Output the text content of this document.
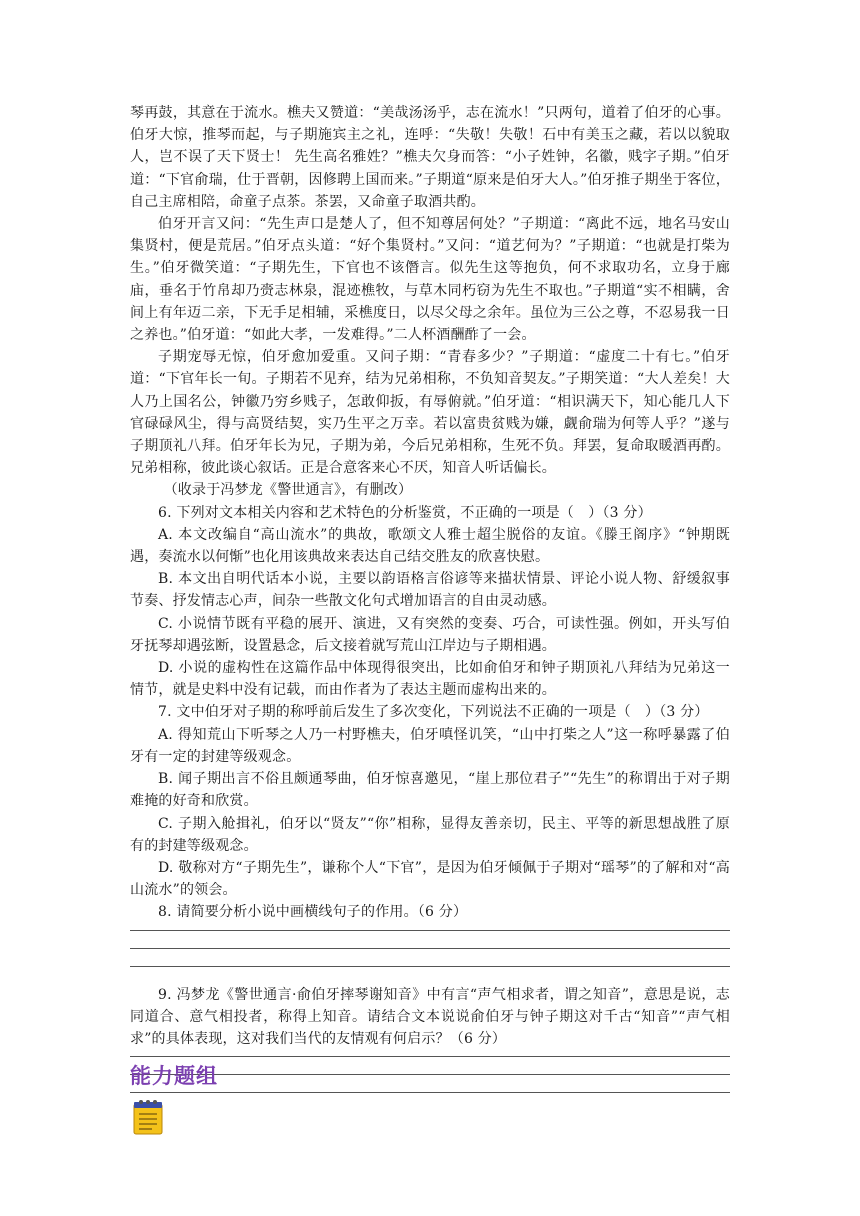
琴再鼓，其意在于流水。樵夫又赞道：“美哉汤汤乎，志在流水！”只两句，道着了伯牙的心事。伯牙大惊，推琴而起，与子期施宾主之礼，连呼：“失敬！失敬！石中有美玉之藏，若以以貌取人，岂不误了天下贤士！ 先生高名雅姓？”樵夫欠身而答：“小子姓钟，名徽，贱字子期。”伯牙道：“下官俞瑞，仕于晋朝，因修聘上国而来。”子期道“原来是伯牙大人。”伯牙推子期坐于客位，自己主席相陪，命童子点茶。茶罢，又命童子取酒共酌。

伯牙开言又问：“先生声口是楚人了，但不知尊居何处？”子期道：“离此不远，地名马安山集贤村，便是荒居。”伯牙点头道：“好个集贤村。”又问：“道艺何为？”子期道：“也就是打柴为生。”伯牙微笑道：“子期先生，下官也不该僭言。似先生这等抱负，何不求取功名，立身于廊庙，垂名于竹帛却乃赍志林泉，混迹樵牧，与草木同朽窃为先生不取也。”子期道“实不相瞒，舍间上有年迈二亲，下无手足相辅，采樵度日，以尽父母之余年。虽位为三公之尊，不忍易我一日之养也。”伯牙道：“如此大孝，一发难得。”二人杯酒酬酢了一会。

子期宠辱无惊，伯牙愈加爱重。又问子期：“青春多少？”子期道：“虚度二十有七。”伯牙道：“下官年长一旬。子期若不见弃，结为兄弟相称，不负知音契友。”子期笑道：“大人差矣！大人乃上国名公，钟徽乃穷乡贱子，怎敢仰扳，有辱俯就。”伯牙道：“相识满天下，知心能几人下官碌碌风尘，得与高贤结契，实乃生平之万幸。若以富贵贫贱为嫌，觑俞瑞为何等人乎？”遂与子期顶礼八拜。伯牙年长为兄，子期为弟，今后兄弟相称，生死不负。拜罢，复命取暖酒再酌。兄弟相称，彼此谈心叙话。正是合意客来心不厌，知音人听话偏长。

（收录于冯梦龙《警世通言》，有删改）

6. 下列对文本相关内容和艺术特色的分析鉴赏，不正确的一项是（　）（3 分）

A. 本文改编自“高山流水”的典故，歌颂文人雅士超尘脱俗的友谊。《滕王阁序》“钟期既遇，奏流水以何惭”也化用该典故来表达自己结交胜友的欣喜快慰。

B. 本文出自明代话本小说，主要以韵语格言俗谚等来描状情景、评论小说人物、舒缓叙事节奏、抒发情志心声，间杂一些散文化句式增加语言的自由灵动感。

C. 小说情节既有平稳的展开、演进，又有突然的变奏、巧合，可读性强。例如，开头写伯牙抚琴却遇弦断，设置悬念，后文接着就写荒山江岸边与子期相遇。

D. 小说的虚构性在这篇作品中体现得很突出，比如俞伯牙和钟子期顶礼八拜结为兄弟这一情节，就是史料中没有记载，而由作者为了表达主题而虚构出来的。

7. 文中伯牙对子期的称呼前后发生了多次变化，下列说法不正确的一项是（　）（3 分）

A. 得知荒山下听琴之人乃一村野樵夫，伯牙嗔怪讥笑，“山中打柴之人”这一称呼暴露了伯牙有一定的封建等级观念。

B. 闻子期出言不俗且颇通琴曲，伯牙惊喜邀见，“崖上那位君子”“先生”的称谓出于对子期难掩的好奇和欣赏。

C. 子期入舱揖礼，伯牙以“贤友”“你”相称，显得友善亲切，民主、平等的新思想战胜了原有的封建等级观念。

D. 敬称对方“子期先生”，谦称个人“下官”，是因为伯牙倾佩于子期对“瑶琴”的了解和对“高山流水”的领会。

8. 请简要分析小说中画横线句子的作用。（6 分）

9. 冯梦龙《警世通言·俞伯牙摔琴谢知音》中有言“声气相求者，谓之知音”，意思是说，志同道合、意气相投者，称得上知音。请结合文本说说俞伯牙与钟子期这对千古“知音”“声气相求”的具体表现，这对我们当代的友情观有何启示？（6 分）

能力题组
